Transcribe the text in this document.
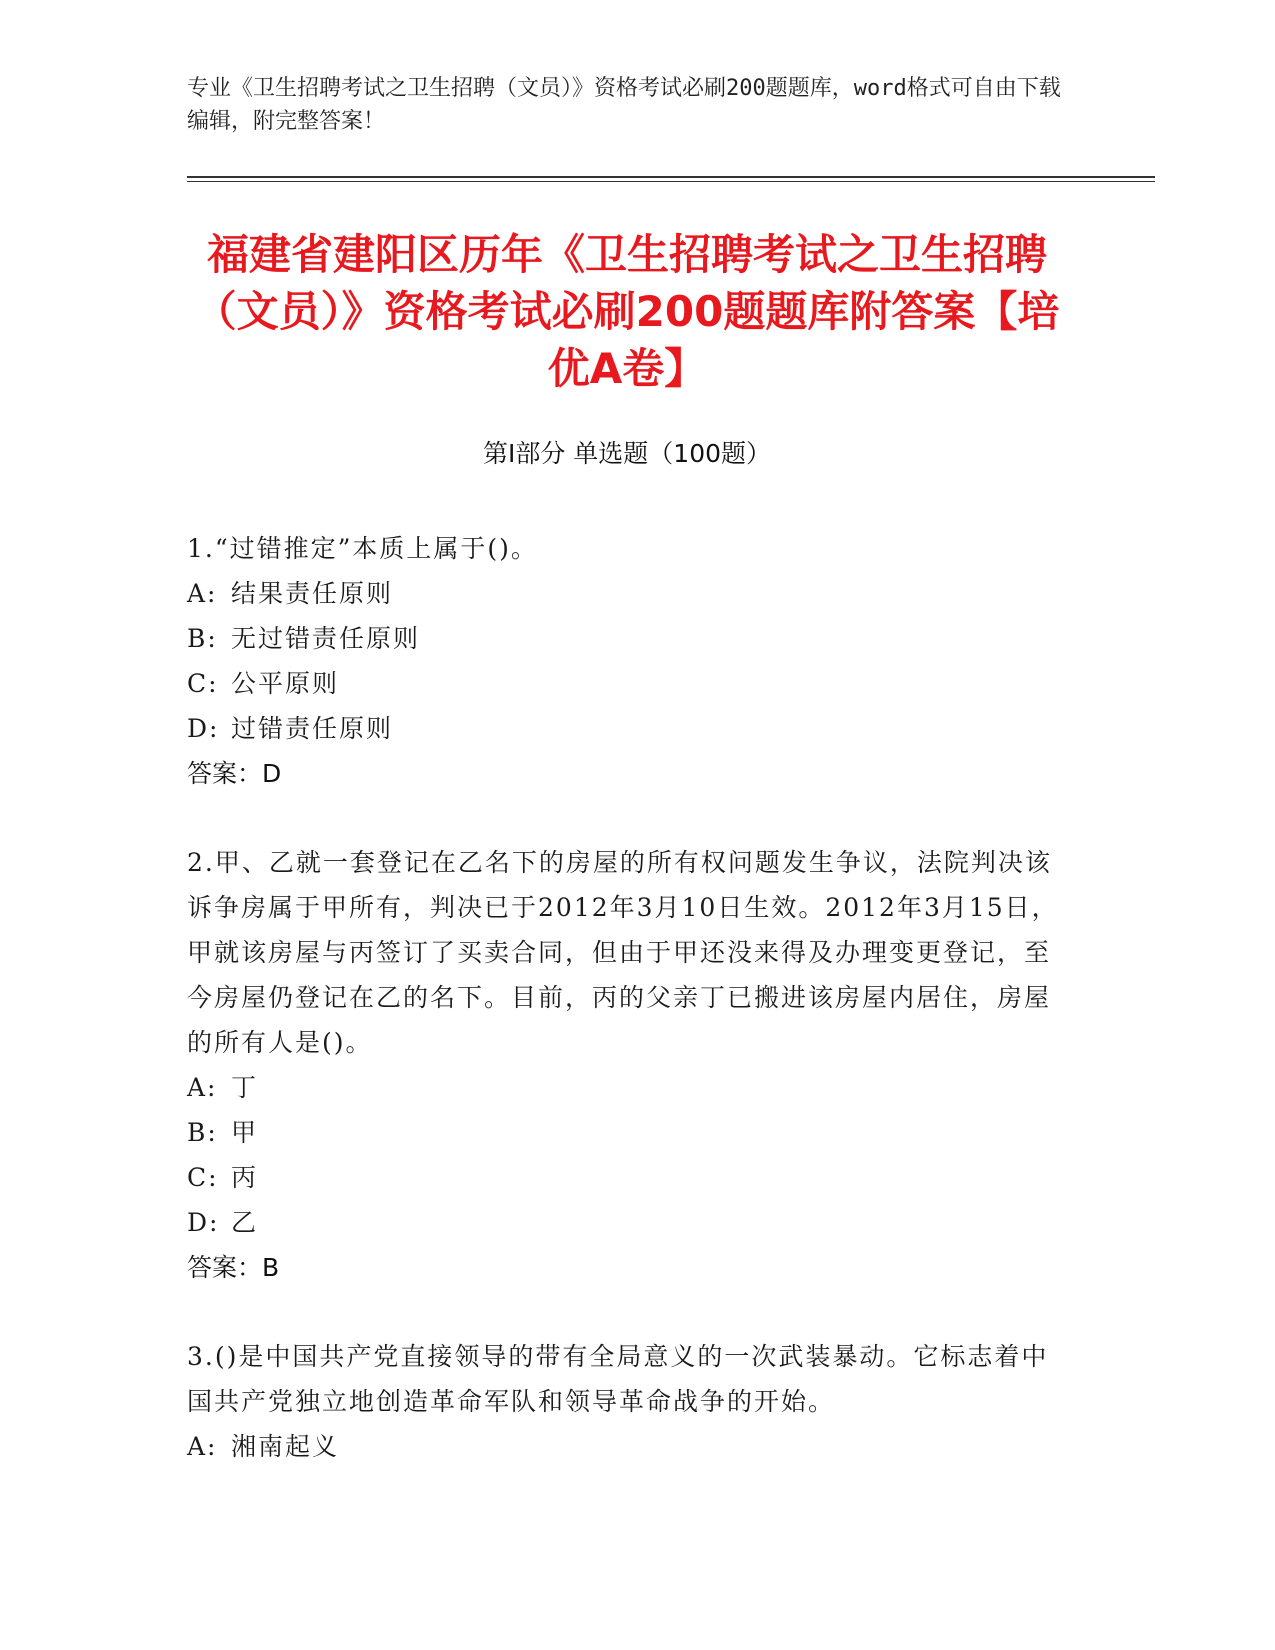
专业《卫生招聘考试之卫生招聘（文员）》资格考试必刷200题题库，word格式可自由下载编辑，附完整答案！
福建省建阳区历年《卫生招聘考试之卫生招聘（文员）》资格考试必刷200题题库附答案【培优A卷】
第Ⅰ部分 单选题（100题）
1.“过错推定”本质上属于()。
A: 结果责任原则
B: 无过错责任原则
C: 公平原则
D: 过错责任原则
答案：D
2.甲、乙就一套登记在乙名下的房屋的所有权问题发生争议，法院判决该诉争房属于甲所有，判决已于2012年3月10日生效。2012年3月15日，甲就该房屋与丙签订了买卖合同，但由于甲还没来得及办理变更登记，至今房屋仍登记在乙的名下。目前，丙的父亲丁已搬进该房屋内居住，房屋的所有人是()。
A: 丁
B: 甲
C: 丙
D: 乙
答案：B
3.()是中国共产党直接领导的带有全局意义的一次武装暴动。它标志着中国共产党独立地创造革命军队和领导革命战争的开始。
A: 湘南起义
